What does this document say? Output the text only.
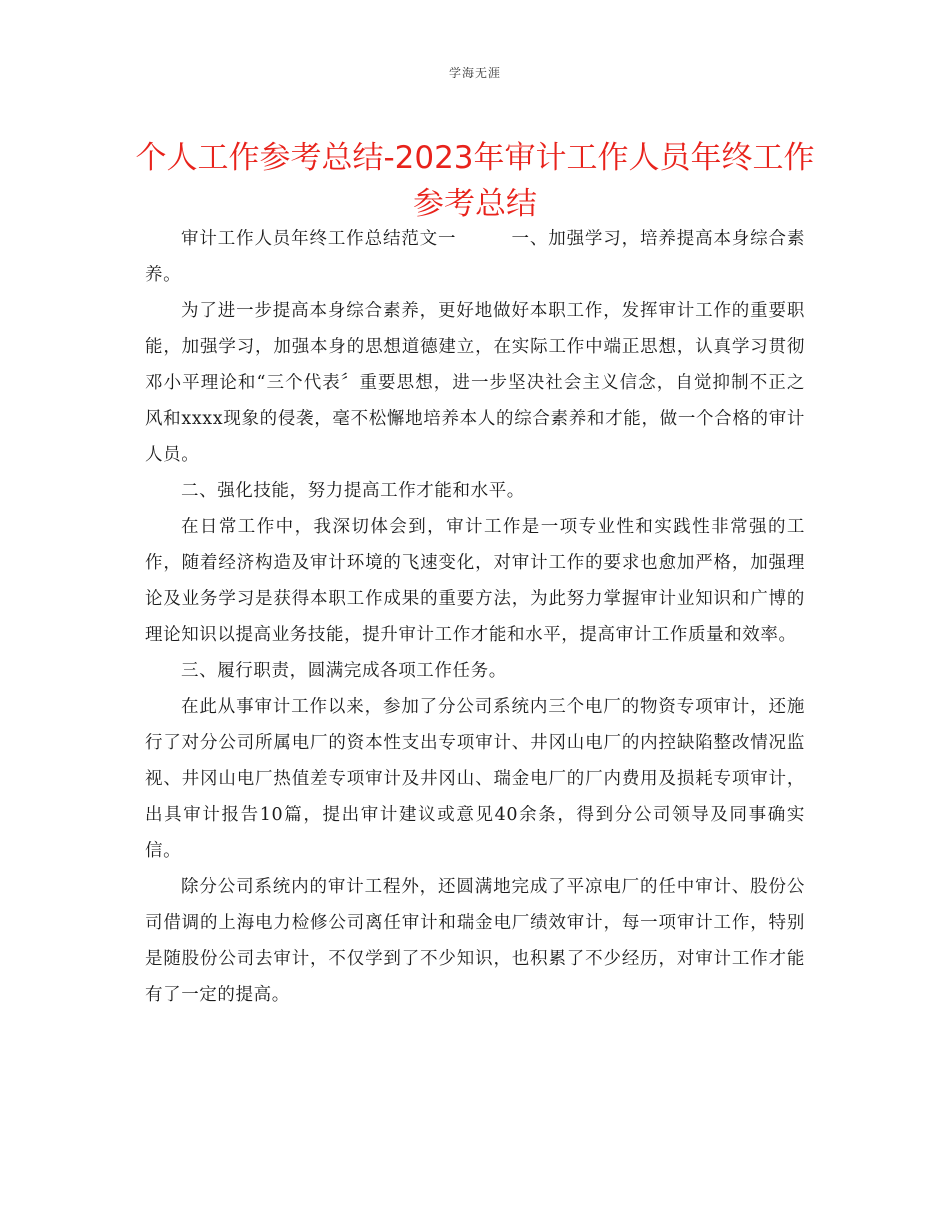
学海无涯
个人工作参考总结-2023年审计工作人员年终工作参考总结

审计工作人员年终工作总结范文一　　　一、加强学习，培养提高本身综合素养。

为了进一步提高本身综合素养，更好地做好本职工作，发挥审计工作的重要职能，加强学习，加强本身的思想道德建立，在实际工作中端正思想，认真学习贯彻邓小平理论和“三个代表〞重要思想，进一步坚决社会主义信念，自觉抑制不正之风和xxxx现象的侵袭，毫不松懈地培养本人的综合素养和才能，做一个合格的审计人员。

二、强化技能，努力提高工作才能和水平。

在日常工作中，我深切体会到，审计工作是一项专业性和实践性非常强的工作，随着经济构造及审计环境的飞速变化，对审计工作的要求也愈加严格，加强理论及业务学习是获得本职工作成果的重要方法，为此努力掌握审计业知识和广博的理论知识以提高业务技能，提升审计工作才能和水平，提高审计工作质量和效率。

三、履行职责，圆满完成各项工作任务。

在此从事审计工作以来，参加了分公司系统内三个电厂的物资专项审计，还施行了对分公司所属电厂的资本性支出专项审计、井冈山电厂的内控缺陷整改情况监视、井冈山电厂热值差专项审计及井冈山、瑞金电厂的厂内费用及损耗专项审计，出具审计报告10篇，提出审计建议或意见40余条，得到分公司领导及同事确实信。

除分公司系统内的审计工程外，还圆满地完成了平凉电厂的任中审计、股份公司借调的上海电力检修公司离任审计和瑞金电厂绩效审计，每一项审计工作，特别是随股份公司去审计，不仅学到了不少知识，也积累了不少经历，对审计工作才能有了一定的提高。
